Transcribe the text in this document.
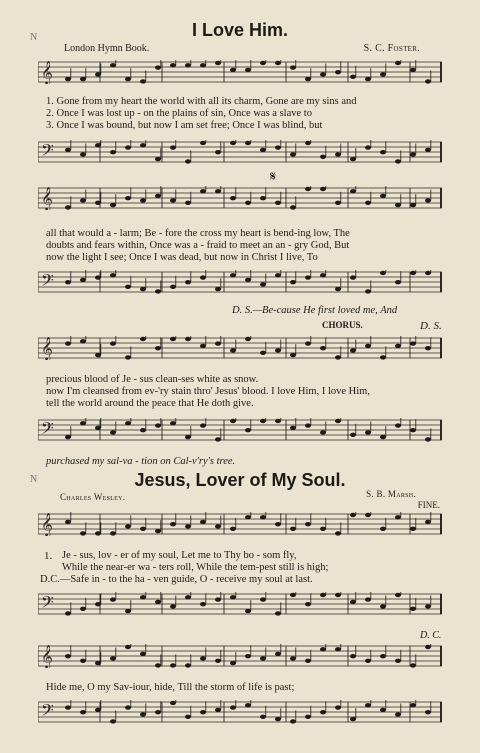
N
N
I Love Him.
London Hymn Book.	S. C. Foster.
𝄞
1. Gone from my heart the world with all its charm, Gone are my sins and
2. Once I was lost up - on the plains of sin, Once was a slave to
3. Once I was bound, but now I am set free; Once I was blind, but
𝄢
𝄋
𝄞
all that would a - larm; Be - fore the cross my heart is bend-ing low, The
doubts and fears within, Once was a - fraid to meet an an - gry God, But
now the light I see; Once I was dead, but now in Christ I live, To
𝄢
D. S.—Be-cause He first loved me, And
CHORUS.	D. S.
𝄞
precious blood of Je - sus clean-ses white as snow.
now I'm cleansed from ev-'ry stain thro' Jesus' blood. I love Him, I love Him,
tell the world around the peace that He doth give.
𝄢
purchased my sal-va - tion on Cal-v'ry's tree.
Jesus, Lover of My Soul.
Charles Wesley.	S. B. Marsh.
FINE.
𝄞
1. Je - sus, lov - er of my soul, Let me to Thy bo - som fly,
While the near-er wa - ters roll, While the tem-pest still is high;
D.C.—Safe in - to the ha - ven guide, O - receive my soul at last.
𝄢
D. C.
𝄞
Hide me, O my Sav-iour, hide, Till the storm of life is past;
𝄢
